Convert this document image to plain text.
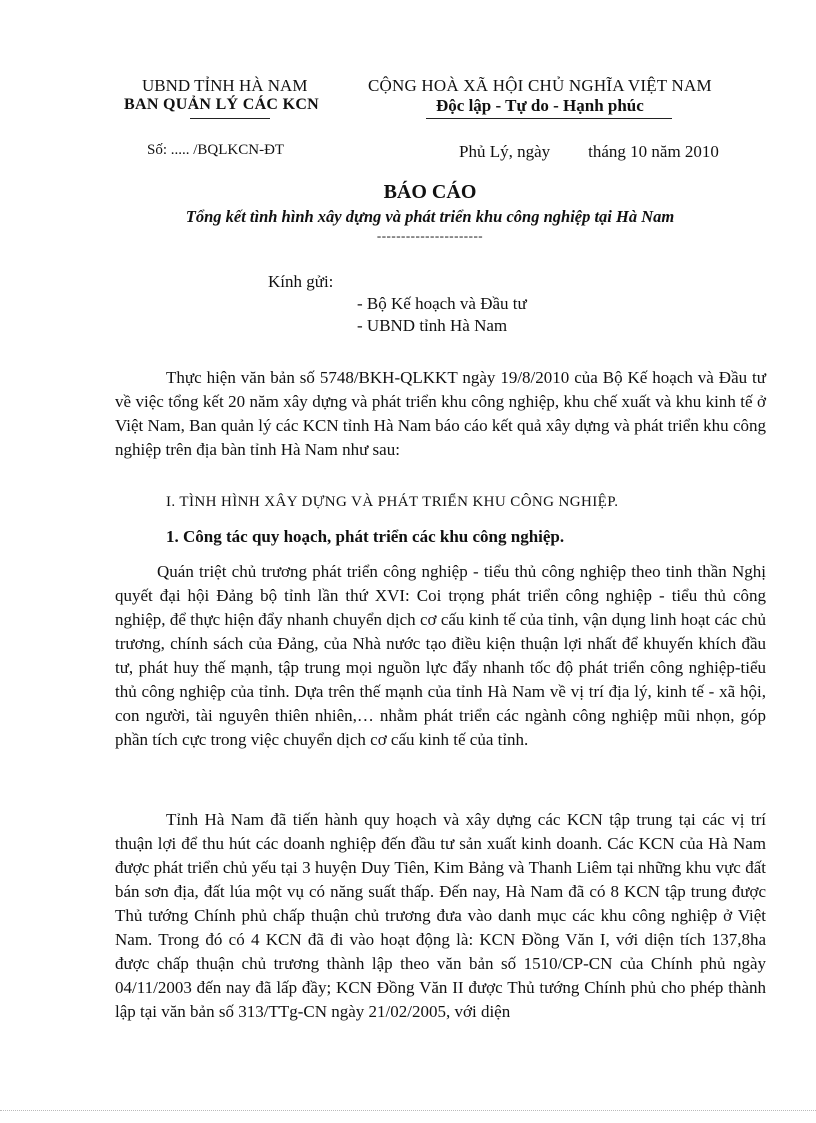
UBND TỈNH HÀ NAM
BAN QUẢN LÝ CÁC KCN
CỘNG HOÀ XÃ HỘI CHỦ NGHĨA VIỆT NAM
Độc lập - Tự do - Hạnh phúc
Số: ..... /BQLKCN-ĐT	Phủ Lý, ngày tháng 10 năm 2010
BÁO CÁO
Tổng kết tình hình xây dựng và phát triển khu công nghiệp tại Hà Nam
----------------------
Kính gửi:
- Bộ Kế hoạch và Đầu tư
- UBND tỉnh Hà Nam
Thực hiện văn bản số 5748/BKH-QLKKT ngày 19/8/2010 của Bộ Kế hoạch và Đầu tư về việc tổng kết 20 năm xây dựng và phát triển khu công nghiệp, khu chế xuất và khu kinh tế ở Việt Nam, Ban quản lý các KCN tỉnh Hà Nam báo cáo kết quả xây dựng và phát triển khu công nghiệp trên địa bàn tỉnh Hà Nam như sau:
I. TÌNH HÌNH XÂY DỰNG VÀ PHÁT TRIỂN KHU CÔNG NGHIỆP.
1. Công tác quy hoạch, phát triển các khu công nghiệp.
Quán triệt chủ trương phát triển công nghiệp - tiểu thủ công nghiệp theo tinh thần Nghị quyết đại hội Đảng bộ tỉnh lần thứ XVI: Coi trọng phát triển công nghiệp - tiểu thủ công nghiệp, để thực hiện đẩy nhanh chuyển dịch cơ cấu kinh tế của tỉnh, vận dụng linh hoạt các chủ trương, chính sách của Đảng, của Nhà nước tạo điều kiện thuận lợi nhất để khuyến khích đầu tư, phát huy thế mạnh, tập trung mọi nguồn lực đẩy nhanh tốc độ phát triển công nghiệp-tiểu thủ công nghiệp của tỉnh. Dựa trên thế mạnh của tỉnh Hà Nam về vị trí địa lý, kinh tế - xã hội, con người, tài nguyên thiên nhiên,… nhằm phát triển các ngành công nghiệp mũi nhọn, góp phần tích cực trong việc chuyển dịch cơ cấu kinh tế của tỉnh.
Tỉnh Hà Nam đã tiến hành quy hoạch và xây dựng các KCN tập trung tại các vị trí thuận lợi để thu hút các doanh nghiệp đến đầu tư sản xuất kinh doanh. Các KCN của Hà Nam được phát triển chủ yếu tại 3 huyện Duy Tiên, Kim Bảng và Thanh Liêm tại những khu vực đất bán sơn địa, đất lúa một vụ có năng suất thấp. Đến nay, Hà Nam đã có 8 KCN tập trung được Thủ tướng Chính phủ chấp thuận chủ trương đưa vào danh mục các khu công nghiệp ở Việt Nam. Trong đó có 4 KCN đã đi vào hoạt động là: KCN Đồng Văn I, với diện tích 137,8ha được chấp thuận chủ trương thành lập theo văn bản số 1510/CP-CN của Chính phủ ngày 04/11/2003 đến nay đã lấp đầy; KCN Đồng Văn II được Thủ tướng Chính phủ cho phép thành lập tại văn bản số 313/TTg-CN ngày 21/02/2005, với diện
